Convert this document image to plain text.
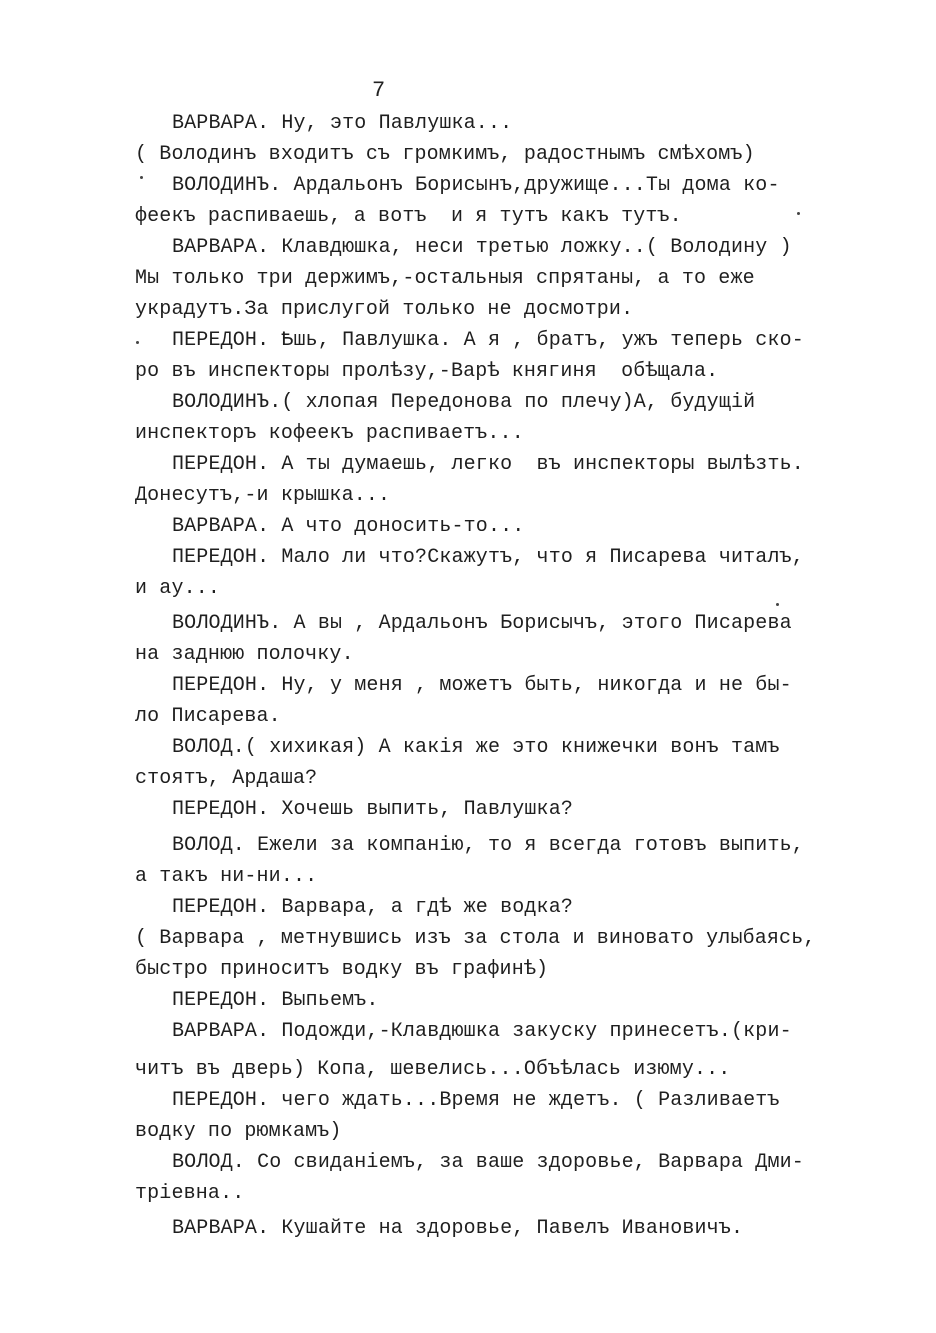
7
ВАРВАРА. Ну, это Павлушка...
( Володинъ входитъ съ громкимъ, радостнымъ смѣхомъ)
ВОЛОДИНЪ. Ардальонъ Борисынъ,дружище...Ты дома ко-
феекъ распиваешь, а вотъ  и я тутъ какъ тутъ.
ВАРВАРА. Клавдюшка, неси третью ложку..( Володину )
Мы только три держимъ,-остальныя спрятаны, а то еже
украдутъ.За прислугой только не досмотри.
ПЕРЕДОН. Ѣшь, Павлушка. А я , братъ, ужъ теперь ско-
ро въ инспекторы пролѣзу,-Варѣ княгиня  обѣщала.
ВОЛОДИНЪ.( хлопая Передонова по плечу)А, будущій
инспекторъ кофеекъ распиваетъ...
ПЕРЕДОН. А ты думаешь, легко  въ инспекторы вылѣзть.
Донесутъ,-и крышка...
ВАРВАРА. А что доносить-то...
ПЕРЕДОН. Мало ли что?Скажутъ, что я Писарева читалъ,
и ау...
ВОЛОДИНЪ. А вы , Ардальонъ Борисычъ, этого Писарева
на заднюю полочку.
ПЕРЕДОН. Ну, у меня , можетъ быть, никогда и не бы-
ло Писарева.
ВОЛОД.( хихикая) А какія же это книжечки вонъ тамъ
стоятъ, Ардаша?
ПЕРЕДОН. Хочешь выпить, Павлушка?
ВОЛОД. Ежели за компанію, то я всегда готовъ выпить,
а такъ ни-ни...
ПЕРЕДОН. Варвара, а гдѣ же водка?
( Варвара , метнувшись изъ за стола и виновато улыбаясь,
быстро приноситъ водку въ графинѣ)
ПЕРЕДОН. Выпьемъ.
ВАРВАРА. Подожди,-Клавдюшка закуску принесетъ.(кри-
читъ въ дверь) Копа, шевелись...Объѣлась изюму...
ПЕРЕДОН. чего ждать...Время не ждетъ. ( Разливаетъ
водку по рюмкамъ)
ВОЛОД. Со свиданіемъ, за ваше здоровье, Варвара Дми-
тріевна..
ВАРВАРА. Кушайте на здоровье, Павелъ Ивановичъ.
